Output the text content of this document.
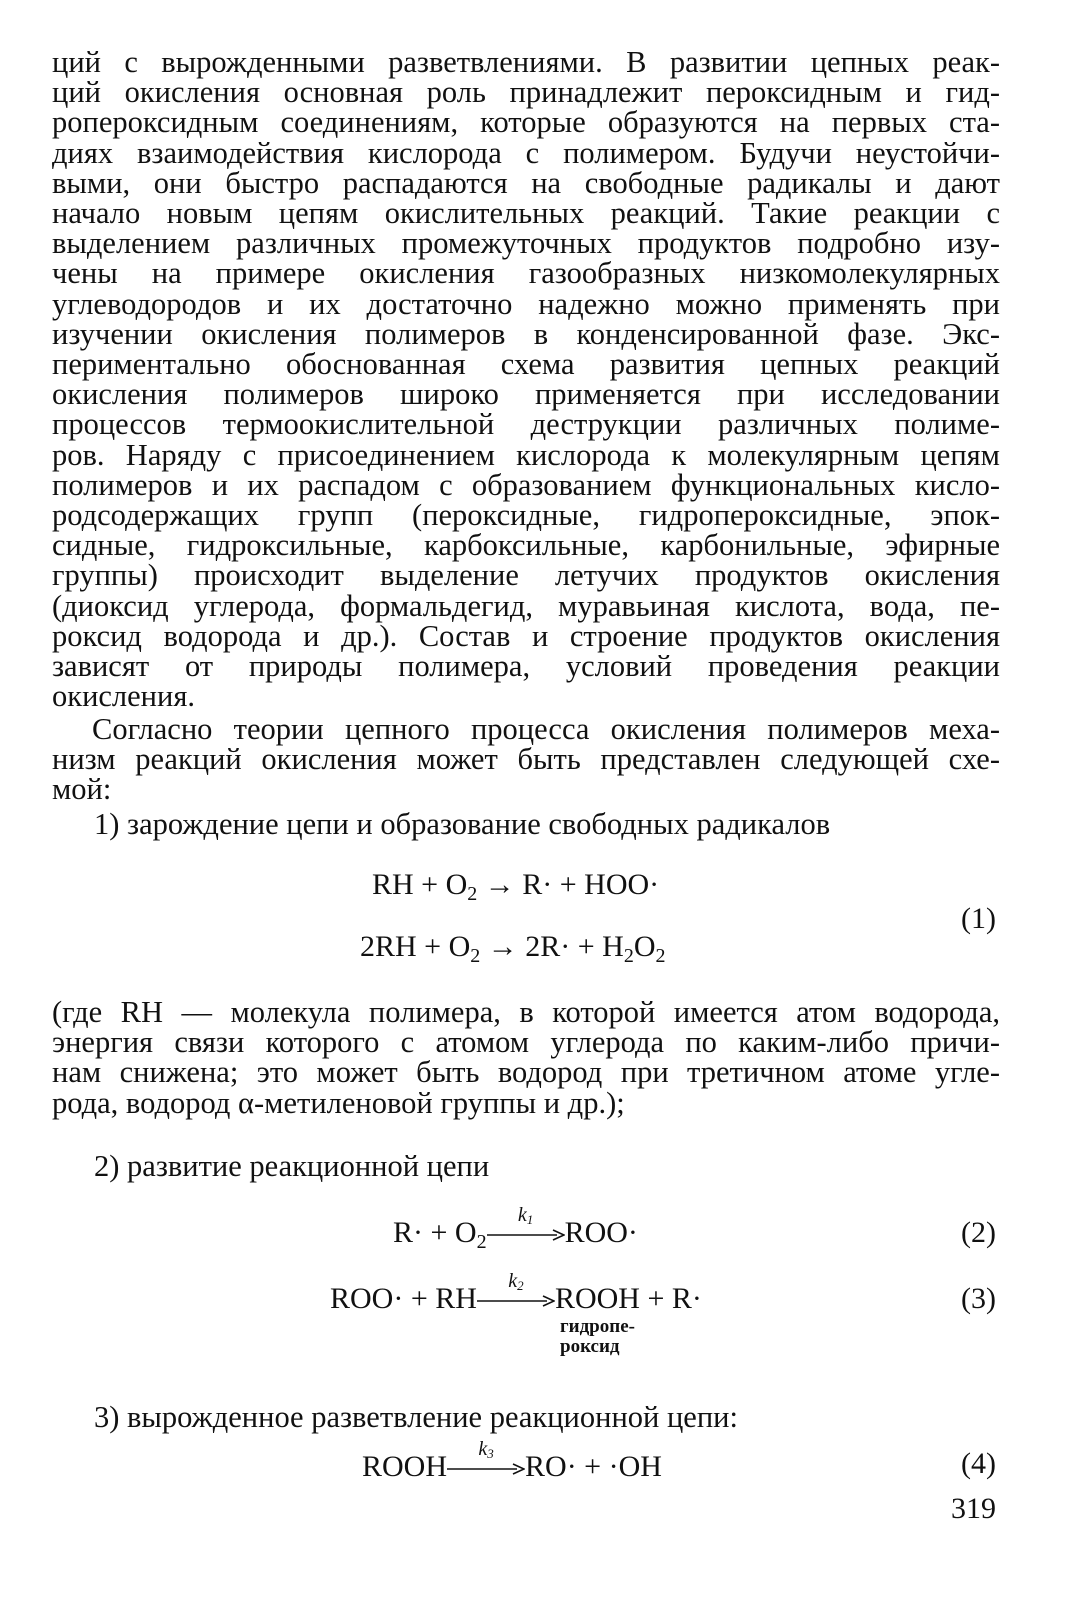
ций с вырожденными разветвлениями. В развитии цепных реак-
ций окисления основная роль принадлежит пероксидным и гид-
ропероксидным соединениям, которые образуются на первых ста-
диях взаимодействия кислорода с полимером. Будучи неустойчи-
выми, они быстро распадаются на свободные радикалы и дают
начало новым цепям окислительных реакций. Такие реакции с
выделением различных промежуточных продуктов подробно изу-
чены на примере окисления газообразных низкомолекулярных
углеводородов и их достаточно надежно можно применять при
изучении окисления полимеров в конденсированной фазе. Экс-
периментально обоснованная схема развития цепных реакций
окисления полимеров широко применяется при исследовании
процессов термоокислительной деструкции различных полиме-
ров. Наряду с присоединением кислорода к молекулярным цепям
полимеров и их распадом с образованием функциональных кисло-
родсодержащих групп (пероксидные, гидропероксидные, эпок-
сидные, гидроксильные, карбоксильные, карбонильные, эфирные
группы) происходит выделение летучих продуктов окисления
(диоксид углерода, формальдегид, муравьиная кислота, вода, пе-
роксид водорода и др.). Состав и строение продуктов окисления
зависят от природы полимера, условий проведения реакции
окисления.
Согласно теории цепного процесса окисления полимеров меха-
низм реакций окисления может быть представлен следующей схе-
мой:
1) зарождение цепи и образование свободных радикалов
RH + $O_2 \to R\cdot + HOO\cdot$
$2RH + O_2 \to 2R\cdot + H_2O_2$
(1)
(где RH — молекула полимера, в которой имеется атом водорода,
энергия связи которого с атомом углерода по каким-либо причи-
нам снижена; это может быть водород при третичном атоме угле-
рода, водород α-метиленовой группы и др.);
2) развитие реакционной цепи
$R\cdot + O_2$
$k_1$	ROO·	(2)
ROO· + RH
$k_2$	ROOH + R·
гидропе-
роксид
(3)
3) вырожденное разветвление реакционной цепи:
ROOH
$k_3$	RO· + ·OH	(4)
319
